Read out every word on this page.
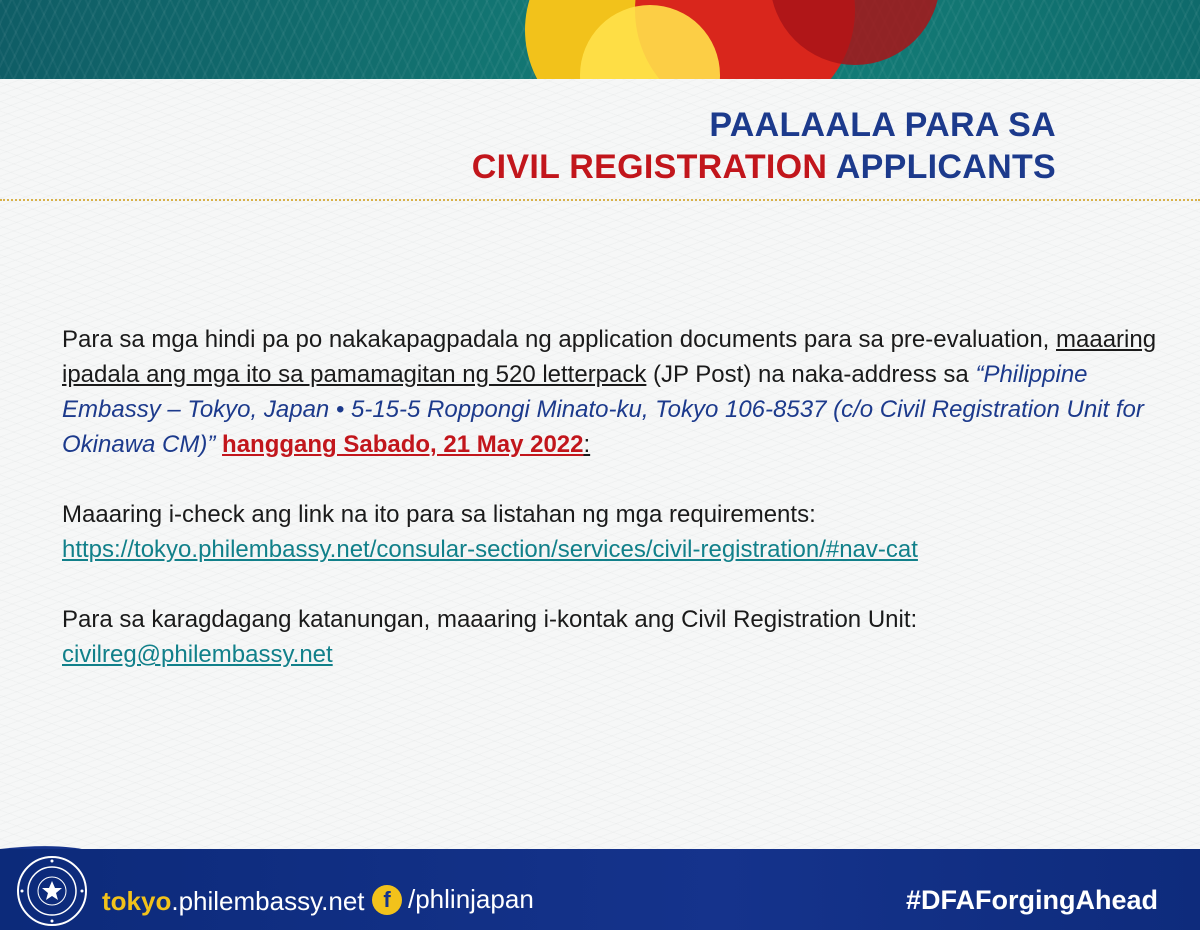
PAALAALA PARA SA
CIVIL REGISTRATION APPLICANTS

Para sa mga hindi pa po nakakapagpadala ng application documents para sa pre-evaluation, maaaring ipadala ang mga ito sa pamamagitan ng 520 letterpack (JP Post) na naka-address sa “Philippine Embassy – Tokyo, Japan • 5-15-5 Roppongi Minato-ku, Tokyo 106-8537 (c/o Civil Registration Unit for Okinawa CM)” hanggang Sabado, 21 May 2022:

Maaaring i-check ang link na ito para sa listahan ng mga requirements:
https://tokyo.philembassy.net/consular-section/services/civil-registration/#nav-cat

Para sa karagdagang katanungan, maaaring i-kontak ang Civil Registration Unit:
civilreg@philembassy.net

tokyo.philembassy.net f /phlinjapan	#DFAForgingAhead
